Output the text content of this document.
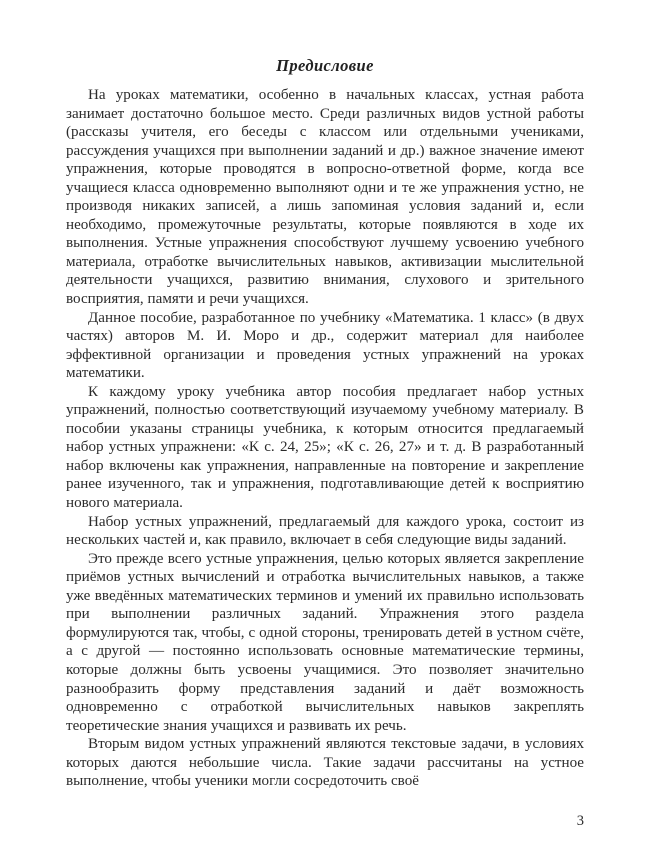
Предисловие

На уроках математики, особенно в начальных классах, устная работа занимает достаточно большое место. Среди различных видов устной работы (рассказы учителя, его беседы с классом или отдельными учениками, рассуждения учащихся при выполнении заданий и др.) важное значение имеют упражнения, которые проводятся в вопросно-ответной форме, когда все учащиеся класса одновременно выполняют одни и те же упражнения устно, не производя никаких записей, а лишь запоминая условия заданий и, если необходимо, промежуточные результаты, которые появляются в ходе их выполнения. Устные упражнения способствуют лучшему усвоению учебного материала, отработке вычислительных навыков, активизации мыслительной деятельности учащихся, развитию внимания, слухового и зрительного восприятия, памяти и речи учащихся.

Данное пособие, разработанное по учебнику «Математика. 1 класс» (в двух частях) авторов М. И. Моро и др., содержит материал для наиболее эффективной организации и проведения устных упражнений на уроках математики.

К каждому уроку учебника автор пособия предлагает набор устных упражнений, полностью соответствующий изучаемому учебному материалу. В пособии указаны страницы учебника, к которым относится предлагаемый набор устных упражнени: «К с. 24, 25»; «К с. 26, 27» и т. д. В разработанный набор включены как упражнения, направленные на повторение и закрепление ранее изученного, так и упражнения, подготавливающие детей к восприятию нового материала.

Набор устных упражнений, предлагаемый для каждого урока, состоит из нескольких частей и, как правило, включает в себя следующие виды заданий.

Это прежде всего устные упражнения, целью которых является закрепление приёмов устных вычислений и отработка вычислительных навыков, а также уже введённых математических терминов и умений их правильно использовать при выполнении различных заданий. Упражнения этого раздела формулируются так, чтобы, с одной стороны, тренировать детей в устном счёте, а с другой — постоянно использовать основные математические термины, которые должны быть усвоены учащимися. Это позволяет значительно разнообразить форму представления заданий и даёт возможность одновременно с отработкой вычислительных навыков закреплять теоретические знания учащихся и развивать их речь.

Вторым видом устных упражнений являются текстовые задачи, в условиях которых даются небольшие числа. Такие задачи рассчитаны на устное выполнение, чтобы ученики могли сосредоточить своё

3
